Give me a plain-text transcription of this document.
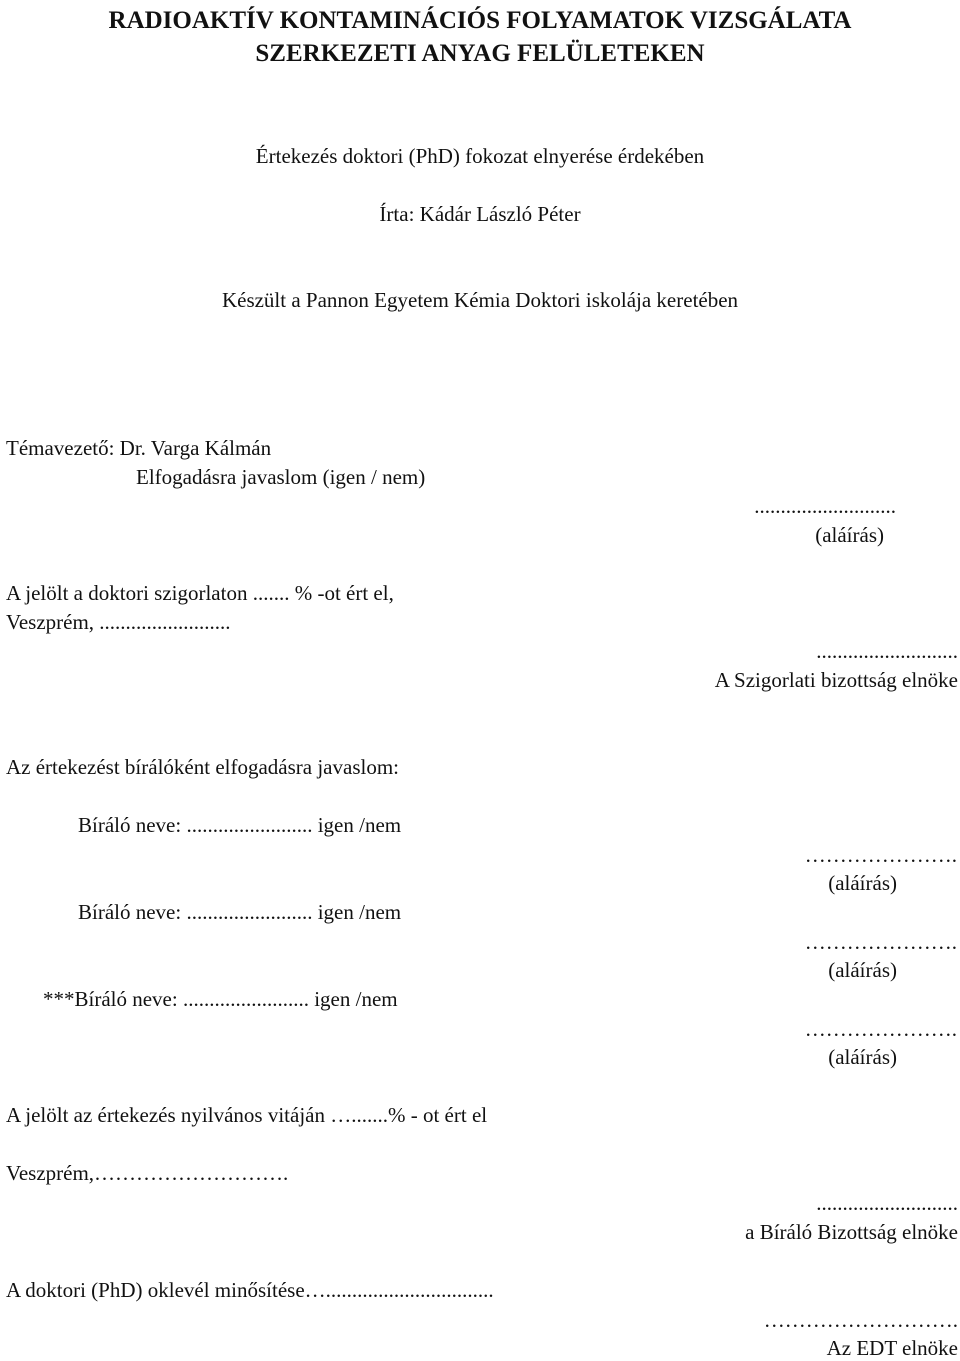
RADIOAKTÍV KONTAMINÁCIÓS FOLYAMATOK VIZSGÁLATA
SZERKEZETI ANYAG FELÜLETEKEN
Értekezés doktori (PhD) fokozat elnyerése érdekében
Írta: Kádár László Péter
Készült a Pannon Egyetem Kémia Doktori iskolája keretében
Témavezető: Dr. Varga Kálmán
Elfogadásra javaslom (igen / nem)
...........................
(aláírás)
A jelölt a doktori szigorlaton ....... % -ot ért el,
Veszprém, .........................
...........................
A Szigorlati bizottság elnöke
Az értekezést bírálóként elfogadásra javaslom:
Bíráló neve: ........................ igen /nem
………………….
(aláírás)
Bíráló neve: ........................ igen /nem
………………….
(aláírás)
***Bíráló neve: ........................ igen /nem
………………….
(aláírás)
A jelölt az értekezés nyilvános vitáján ….......% - ot ért el
Veszprém,……………………….
...........................
a Bíráló Bizottság elnöke
A doktori (PhD) oklevél minősítése…................................
……………………….
Az EDT elnöke
